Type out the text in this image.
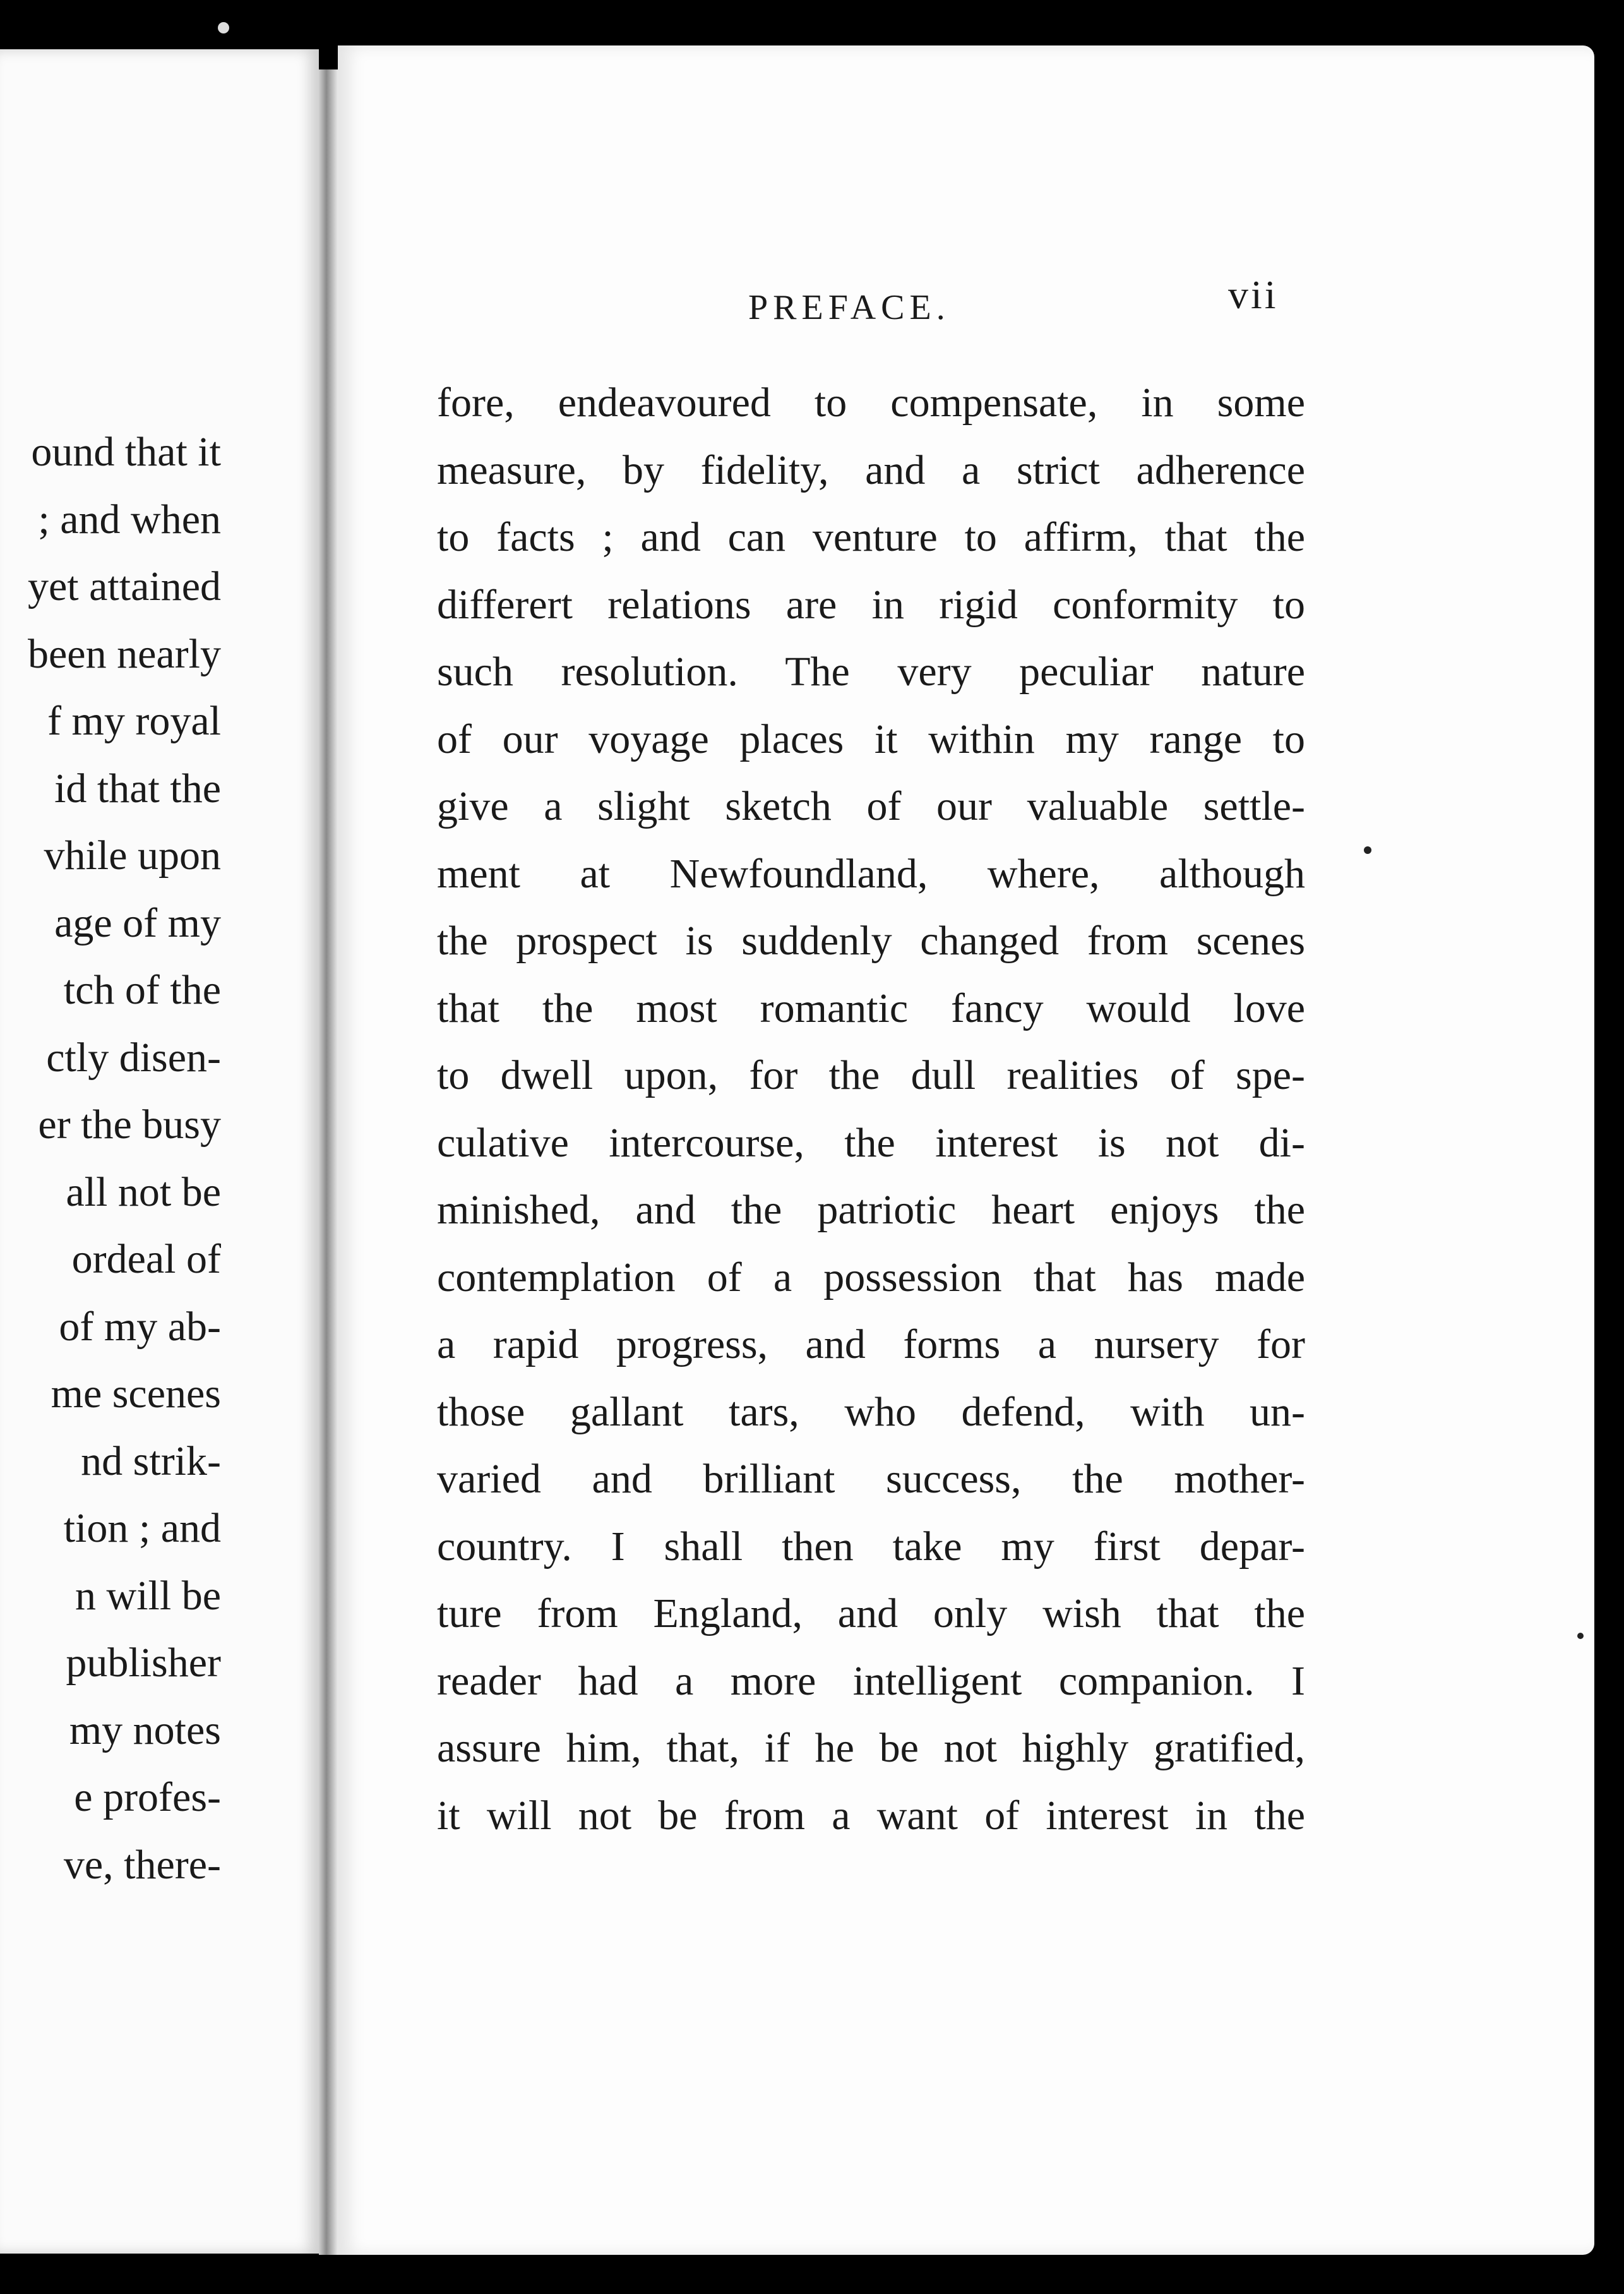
ound that it
; and when
yet attained
been nearly
f my royal
id that the
vhile upon
age of my
tch of the
ctly disen-
er the busy
all not be
ordeal of
of my ab-
me scenes
nd strik-
tion ; and
n will be
publisher
my notes
e profes-
ve, there-
PREFACE.	vii
fore, endeavoured to compensate, in some
measure, by fidelity, and a strict adherence
to facts ; and can venture to affirm, that the
differert relations are in rigid conformity to
such resolution. The very peculiar nature
of our voyage places it within my range to
give a slight sketch of our valuable settle-
ment at Newfoundland, where, although
the prospect is suddenly changed from scenes
that the most romantic fancy would love
to dwell upon, for the dull realities of spe-
culative intercourse, the interest is not di-
minished, and the patriotic heart enjoys the
contemplation of a possession that has made
a rapid progress, and forms a nursery for
those gallant tars, who defend, with un-
varied and brilliant success, the mother-
country. I shall then take my first depar-
ture from England, and only wish that the
reader had a more intelligent companion. I
assure him, that, if he be not highly gratified,
it will not be from a want of interest in the
